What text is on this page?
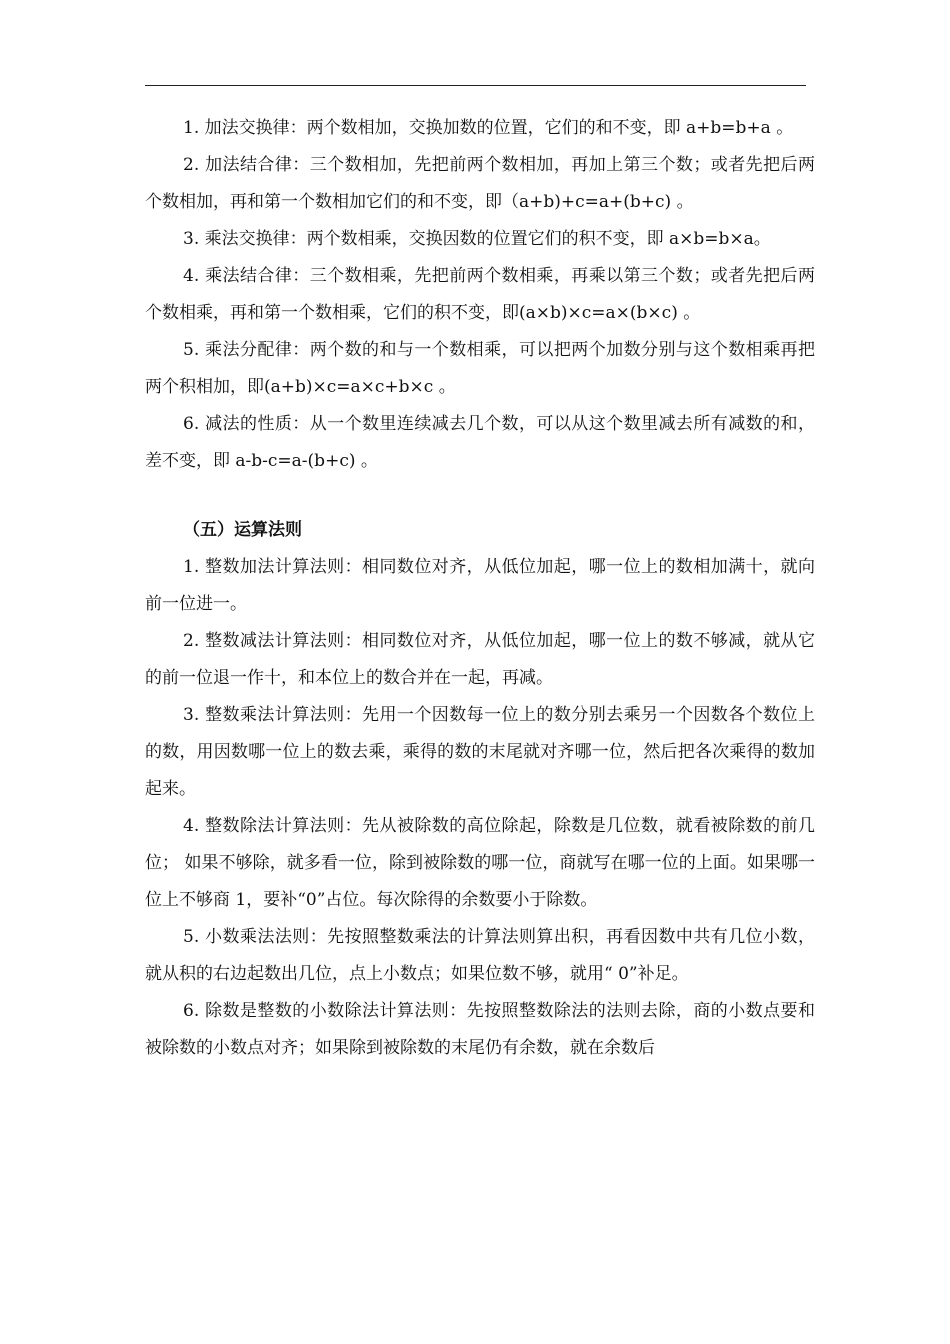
1. 加法交换律：两个数相加，交换加数的位置，它们的和不变，即 a+b=b+a 。

2. 加法结合律：三个数相加，先把前两个数相加，再加上第三个数；或者先把后两个数相加，再和第一个数相加它们的和不变，即（a+b)+c=a+(b+c) 。

3. 乘法交换律：两个数相乘，交换因数的位置它们的积不变，即 a×b=b×a。

4. 乘法结合律：三个数相乘，先把前两个数相乘，再乘以第三个数；或者先把后两个数相乘，再和第一个数相乘，它们的积不变，即(a×b)×c=a×(b×c) 。

5. 乘法分配律：两个数的和与一个数相乘，可以把两个加数分别与这个数相乘再把两个积相加，即(a+b)×c=a×c+b×c 。

6. 减法的性质：从一个数里连续减去几个数，可以从这个数里减去所有减数的和，差不变，即 a-b-c=a-(b+c) 。

（五）运算法则

1. 整数加法计算法则：相同数位对齐，从低位加起，哪一位上的数相加满十，就向前一位进一。

2. 整数减法计算法则：相同数位对齐，从低位加起，哪一位上的数不够减，就从它的前一位退一作十，和本位上的数合并在一起，再减。

3. 整数乘法计算法则：先用一个因数每一位上的数分别去乘另一个因数各个数位上的数，用因数哪一位上的数去乘，乘得的数的末尾就对齐哪一位，然后把各次乘得的数加起来。

4. 整数除法计算法则：先从被除数的高位除起，除数是几位数，就看被除数的前几位； 如果不够除，就多看一位，除到被除数的哪一位，商就写在哪一位的上面。如果哪一位上不够商 1，要补“0”占位。每次除得的余数要小于除数。

5. 小数乘法法则：先按照整数乘法的计算法则算出积，再看因数中共有几位小数，就从积的右边起数出几位，点上小数点；如果位数不够，就用“ 0”补足。

6. 除数是整数的小数除法计算法则：先按照整数除法的法则去除，商的小数点要和被除数的小数点对齐；如果除到被除数的末尾仍有余数，就在余数后
